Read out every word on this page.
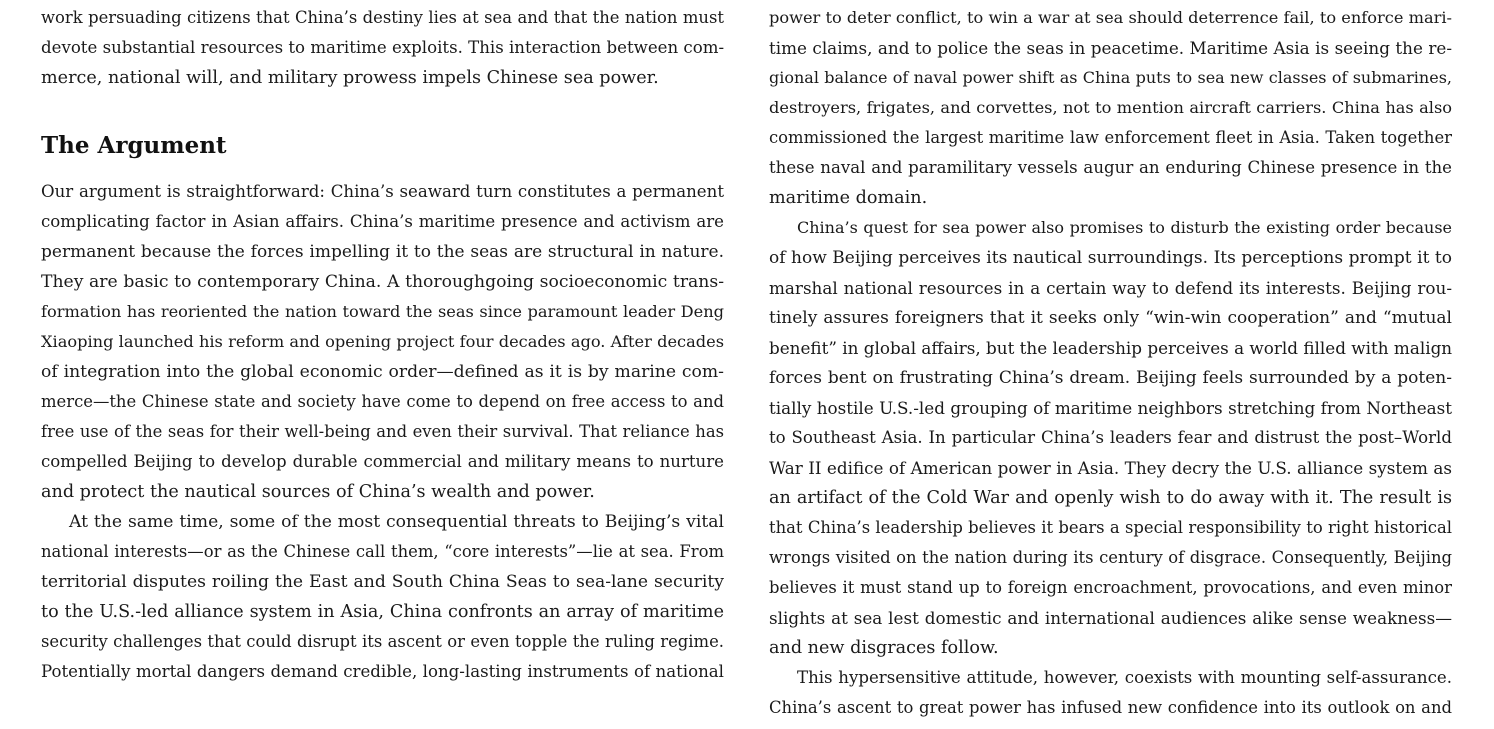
work persuading citizens that China’s destiny lies at sea and that the nation must
devote substantial resources to maritime exploits. This interaction between com-
merce, national will, and military prowess impels Chinese sea power.
The Argument
Our argument is straightforward: China’s seaward turn constitutes a permanent
complicating factor in Asian affairs. China’s maritime presence and activism are
permanent because the forces impelling it to the seas are structural in nature.
They are basic to contemporary China. A thoroughgoing socioeconomic trans-
formation has reoriented the nation toward the seas since paramount leader Deng
Xiaoping launched his reform and opening project four decades ago. After decades
of integration into the global economic order—defined as it is by marine com-
merce—the Chinese state and society have come to depend on free access to and
free use of the seas for their well-being and even their survival. That reliance has
compelled Beijing to develop durable commercial and military means to nurture
and protect the nautical sources of China’s wealth and power.
At the same time, some of the most consequential threats to Beijing’s vital
national interests—or as the Chinese call them, “core interests”—lie at sea. From
territorial disputes roiling the East and South China Seas to sea-lane security
to the U.S.-led alliance system in Asia, China confronts an array of maritime
security challenges that could disrupt its ascent or even topple the ruling regime.
Potentially mortal dangers demand credible, long-lasting instruments of national
power to deter conflict, to win a war at sea should deterrence fail, to enforce mari-
time claims, and to police the seas in peacetime. Maritime Asia is seeing the re-
gional balance of naval power shift as China puts to sea new classes of submarines,
destroyers, frigates, and corvettes, not to mention aircraft carriers. China has also
commissioned the largest maritime law enforcement fleet in Asia. Taken together
these naval and paramilitary vessels augur an enduring Chinese presence in the
maritime domain.
China’s quest for sea power also promises to disturb the existing order because
of how Beijing perceives its nautical surroundings. Its perceptions prompt it to
marshal national resources in a certain way to defend its interests. Beijing rou-
tinely assures foreigners that it seeks only “win-win cooperation” and “mutual
benefit” in global affairs, but the leadership perceives a world filled with malign
forces bent on frustrating China’s dream. Beijing feels surrounded by a poten-
tially hostile U.S.-led grouping of maritime neighbors stretching from Northeast
to Southeast Asia. In particular China’s leaders fear and distrust the post–World
War II edifice of American power in Asia. They decry the U.S. alliance system as
an artifact of the Cold War and openly wish to do away with it. The result is
that China’s leadership believes it bears a special responsibility to right historical
wrongs visited on the nation during its century of disgrace. Consequently, Beijing
believes it must stand up to foreign encroachment, provocations, and even minor
slights at sea lest domestic and international audiences alike sense weakness—
and new disgraces follow.
This hypersensitive attitude, however, coexists with mounting self-assurance.
China’s ascent to great power has infused new confidence into its outlook on and
